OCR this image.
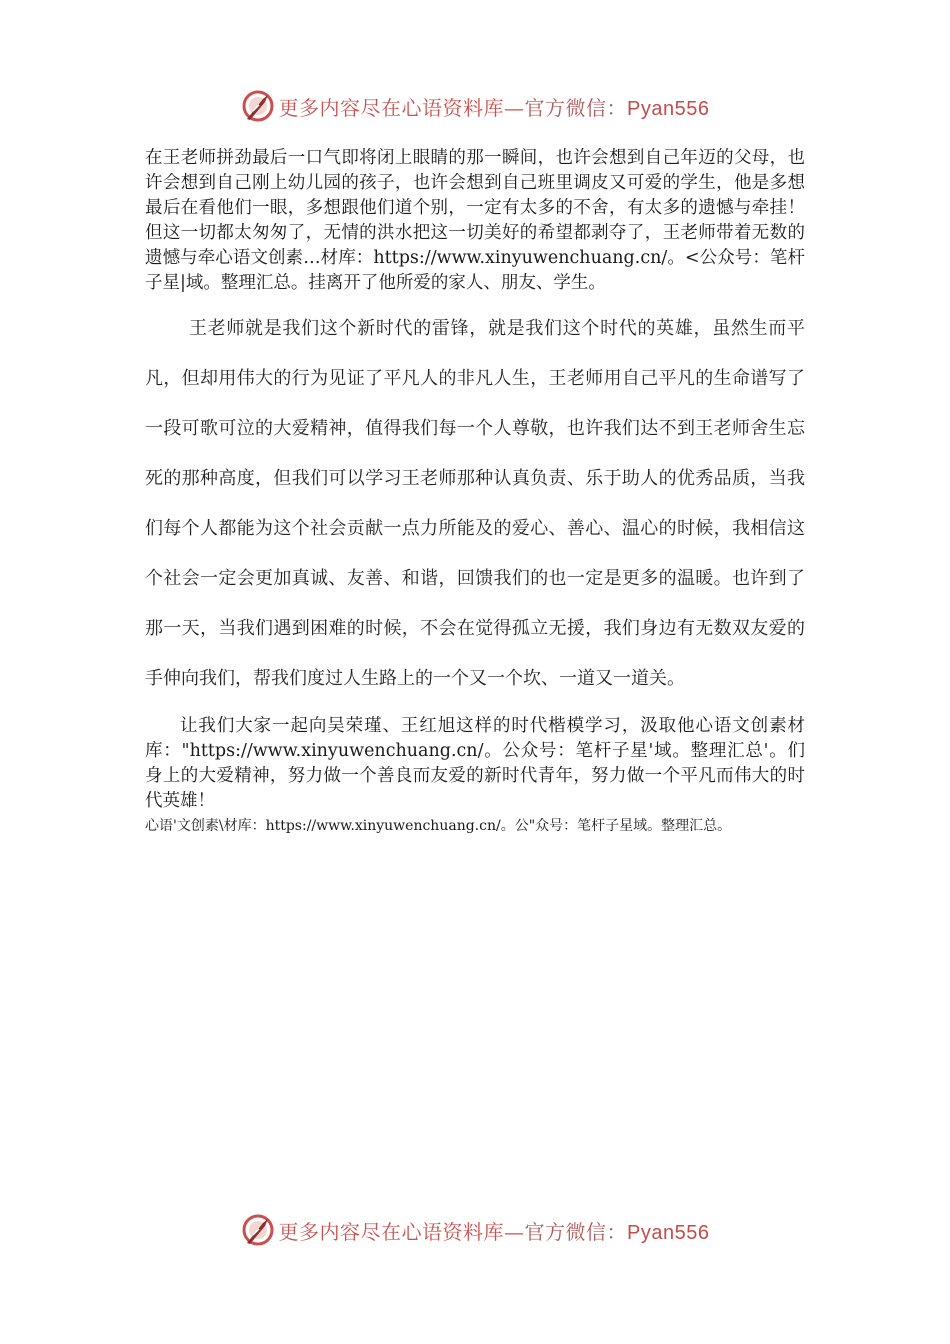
更多内容尽在心语资料库—官方微信：Pyan556

在王老师拼劲最后一口气即将闭上眼睛的那一瞬间，也许会想到自己年迈的父母，也许会想到自己刚上幼儿园的孩子，也许会想到自己班里调皮又可爱的学生，他是多想最后在看他们一眼，多想跟他们道个别，一定有太多的不舍，有太多的遗憾与牵挂！但这一切都太匆匆了，无情的洪水把这一切美好的希望都剥夺了，王老师带着无数的遗憾与牵心语文创素…材库：https://www.xinyuwenchuang.cn/。<公众号：笔杆子星|域。整理汇总。挂离开了他所爱的家人、朋友、学生。

王老师就是我们这个新时代的雷锋，就是我们这个时代的英雄，虽然生而平凡，但却用伟大的行为见证了平凡人的非凡人生，王老师用自己平凡的生命谱写了一段可歌可泣的大爱精神，值得我们每一个人尊敬，也许我们达不到王老师舍生忘死的那种高度，但我们可以学习王老师那种认真负责、乐于助人的优秀品质，当我们每个人都能为这个社会贡献一点力所能及的爱心、善心、温心的时候，我相信这个社会一定会更加真诚、友善、和谐，回馈我们的也一定是更多的温暖。也许到了那一天，当我们遇到困难的时候，不会在觉得孤立无援，我们身边有无数双友爱的手伸向我们，帮我们度过人生路上的一个又一个坎、一道又一道关。

让我们大家一起向吴荣瑾、王红旭这样的时代楷模学习，汲取他心语文创素材库："https://www.xinyuwenchuang.cn/。公众号：笔杆子星'域。整理汇总'。们身上的大爱精神，努力做一个善良而友爱的新时代青年，努力做一个平凡而伟大的时代英雄！

心语'文创素\材库：https://www.xinyuwenchuang.cn/。公"众号：笔杆子星域。整理汇总。

更多内容尽在心语资料库—官方微信：Pyan556
